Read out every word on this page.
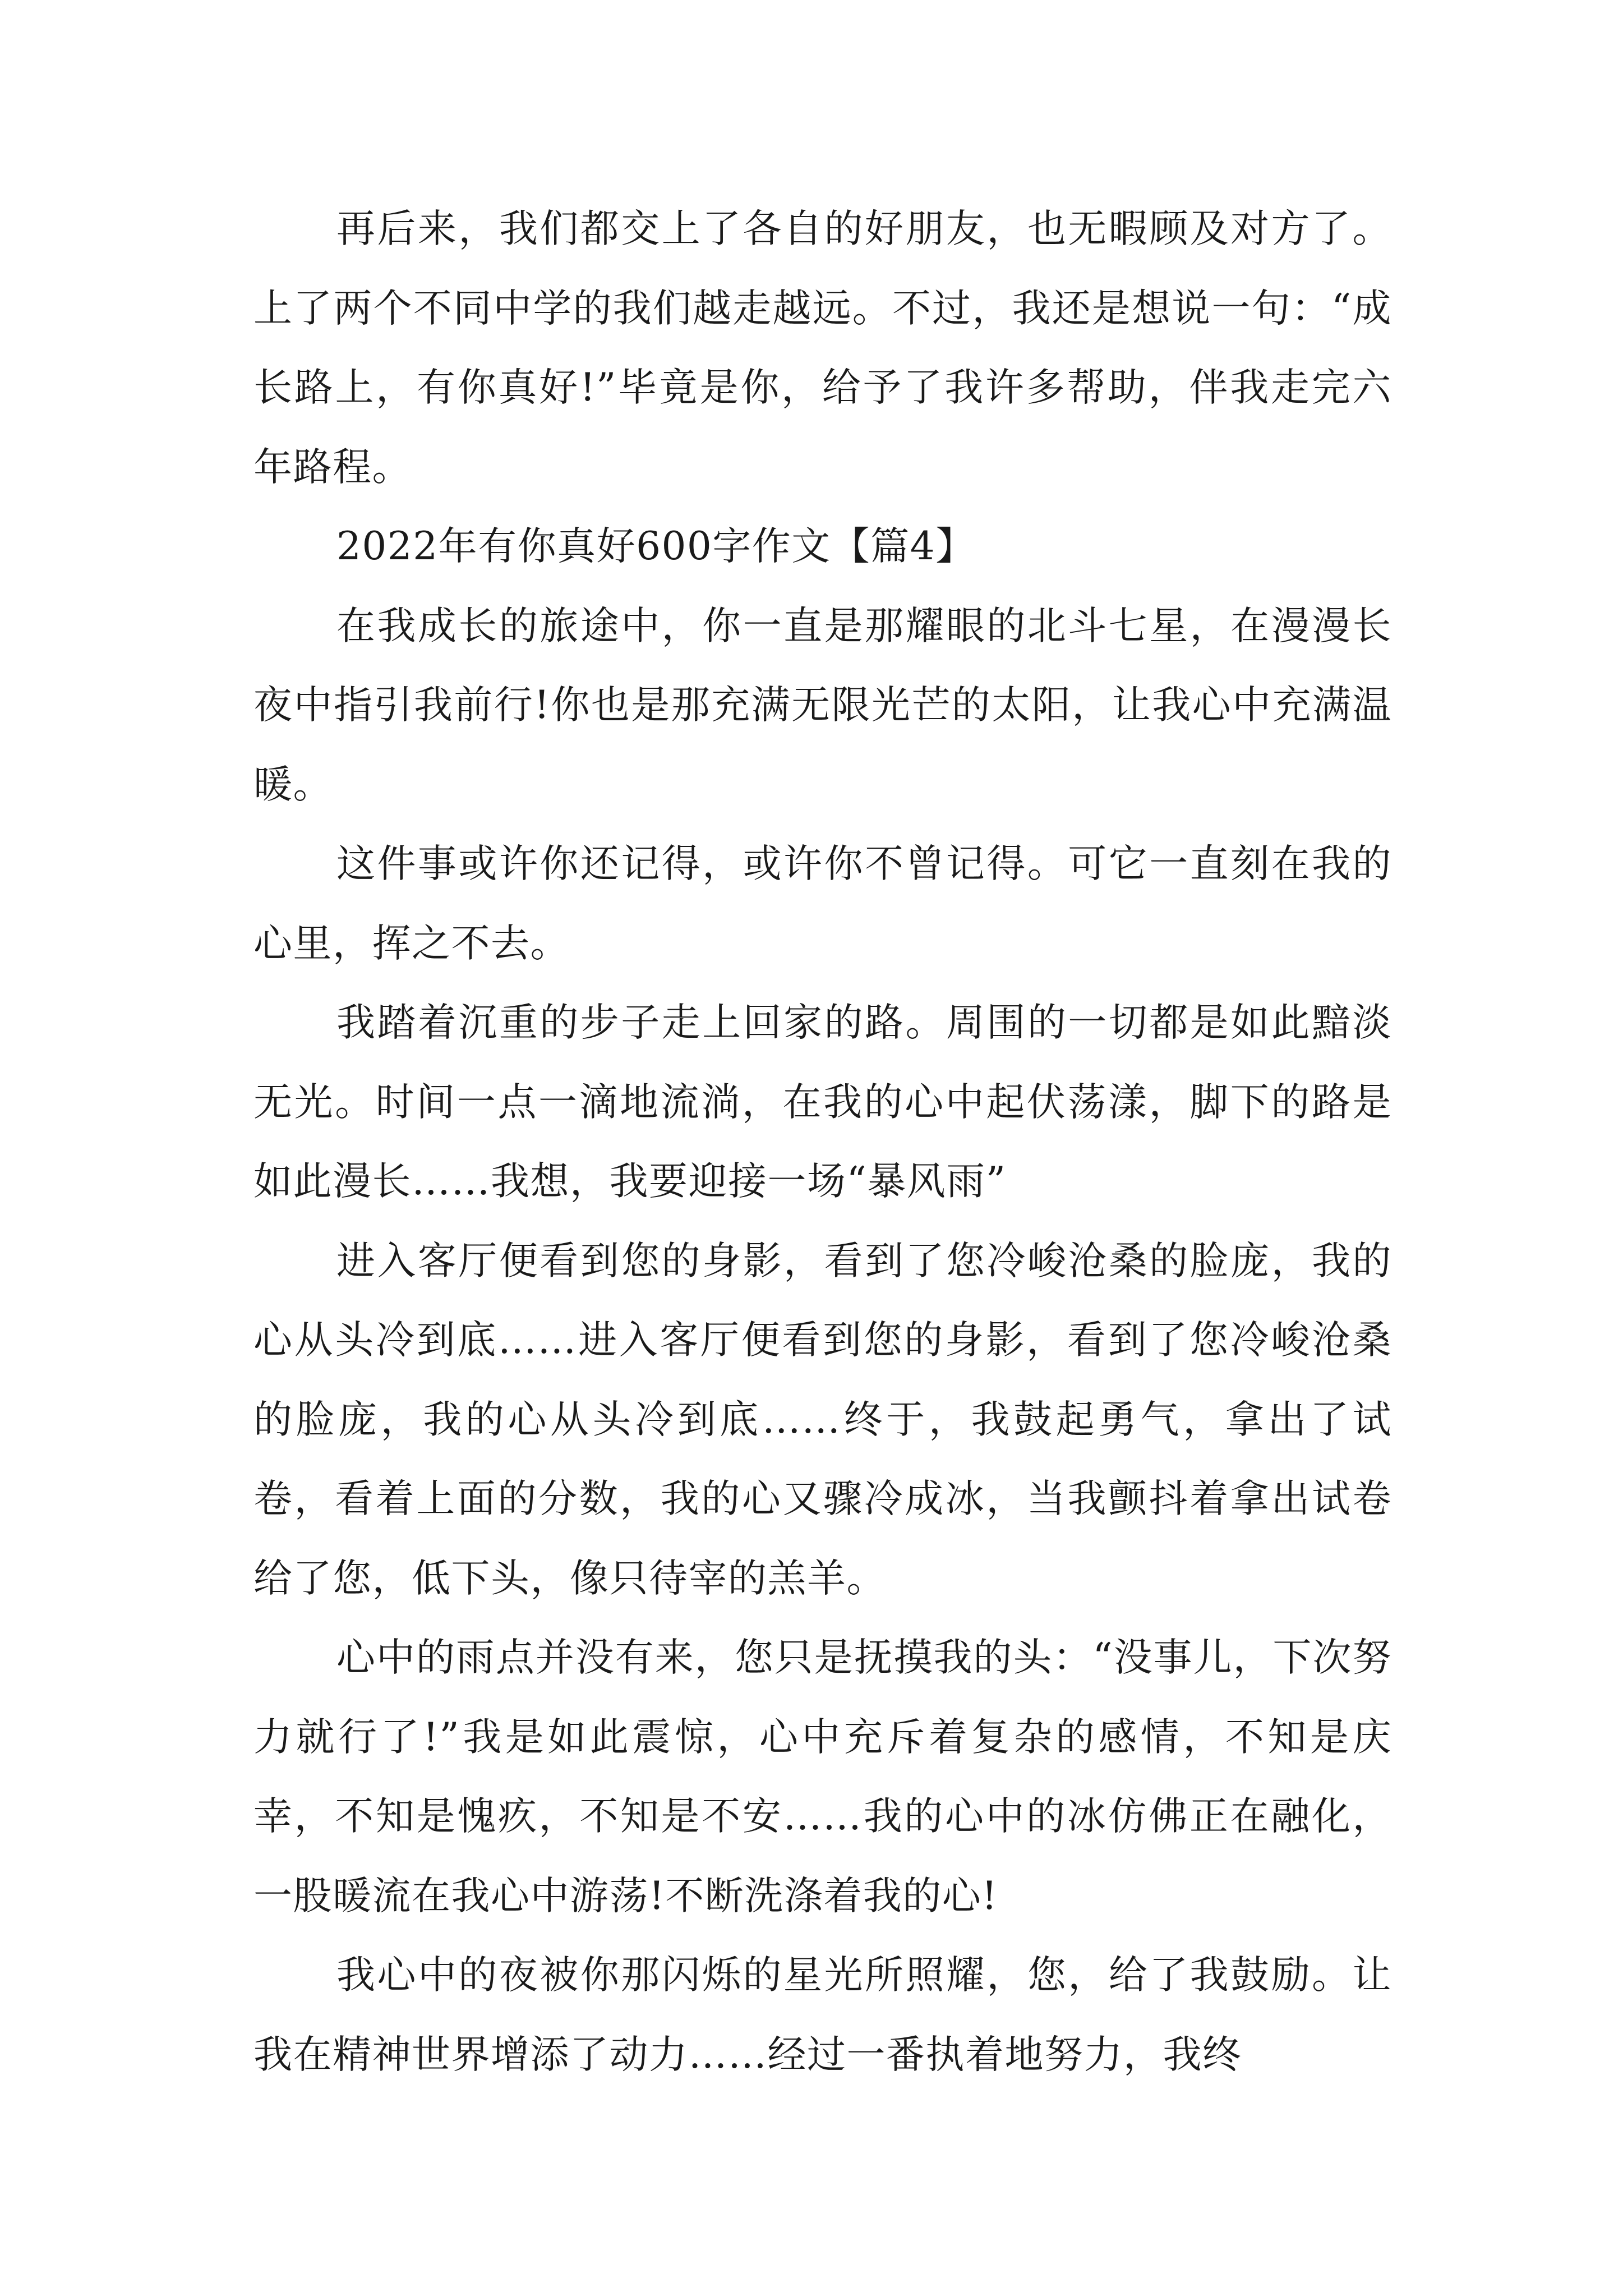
再后来，我们都交上了各自的好朋友，也无暇顾及对方了。上了两个不同中学的我们越走越远。不过，我还是想说一句：“成长路上，有你真好!”毕竟是你，给予了我许多帮助，伴我走完六年路程。

2022年有你真好600字作文【篇4】

在我成长的旅途中，你一直是那耀眼的北斗七星，在漫漫长夜中指引我前行!你也是那充满无限光芒的太阳，让我心中充满温暖。

这件事或许你还记得，或许你不曾记得。可它一直刻在我的心里，挥之不去。

我踏着沉重的步子走上回家的路。周围的一切都是如此黯淡无光。时间一点一滴地流淌，在我的心中起伏荡漾，脚下的路是如此漫长……我想，我要迎接一场“暴风雨”

进入客厅便看到您的身影，看到了您冷峻沧桑的脸庞，我的心从头冷到底……进入客厅便看到您的身影，看到了您冷峻沧桑的脸庞，我的心从头冷到底……终于，我鼓起勇气，拿出了试卷，看着上面的分数，我的心又骤冷成冰，当我颤抖着拿出试卷给了您，低下头，像只待宰的羔羊。

心中的雨点并没有来，您只是抚摸我的头：“没事儿，下次努力就行了!”我是如此震惊，心中充斥着复杂的感情，不知是庆幸，不知是愧疚，不知是不安……我的心中的冰仿佛正在融化，一股暖流在我心中游荡!不断洗涤着我的心!

我心中的夜被你那闪烁的星光所照耀，您，给了我鼓励。让我在精神世界增添了动力……经过一番执着地努力，我终
